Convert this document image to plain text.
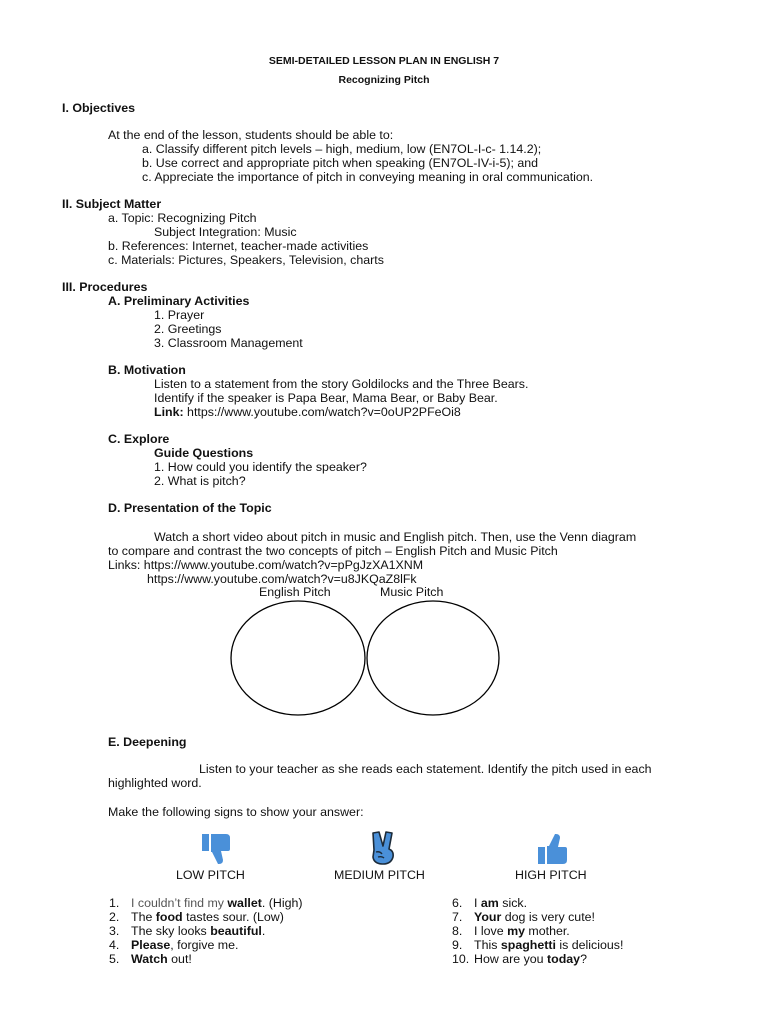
SEMI-DETAILED LESSON PLAN IN ENGLISH 7
Recognizing Pitch
I. Objectives
At the end of the lesson, students should be able to:
a. Classify different pitch levels – high, medium, low (EN7OL-I-c- 1.14.2);
b. Use correct and appropriate pitch when speaking (EN7OL-IV-i-5); and
c. Appreciate the importance of pitch in conveying meaning in oral communication.
II. Subject Matter
a. Topic: Recognizing Pitch
Subject Integration: Music
b. References: Internet, teacher-made activities
c. Materials: Pictures, Speakers, Television, charts
III. Procedures
A. Preliminary Activities
1. Prayer
2. Greetings
3. Classroom Management
B. Motivation
Listen to a statement from the story Goldilocks and the Three Bears.
Identify if the speaker is Papa Bear, Mama Bear, or Baby Bear.
Link: https://www.youtube.com/watch?v=0oUP2PFeOi8
C. Explore
Guide Questions
1. How could you identify the speaker?
2. What is pitch?
D. Presentation of the Topic
Watch a short video about pitch in music and English pitch. Then, use the Venn diagram
to compare and contrast the two concepts of pitch – English Pitch and Music Pitch
Links: https://www.youtube.com/watch?v=pPgJzXA1XNM
https://www.youtube.com/watch?v=u8JKQaZ8lFk
English Pitch	Music Pitch
E. Deepening
Listen to your teacher as she reads each statement. Identify the pitch used in each
highlighted word.
Make the following signs to show your answer:
LOW PITCH	MEDIUM PITCH	HIGH PITCH
1. I couldn’t find my wallet. (High)
2. The food tastes sour. (Low)
3. The sky looks beautiful.
4. Please, forgive me.
5. Watch out!
6. I am sick.
7. Your dog is very cute!
8. I love my mother.
9. This spaghetti is delicious!
10. How are you today?
